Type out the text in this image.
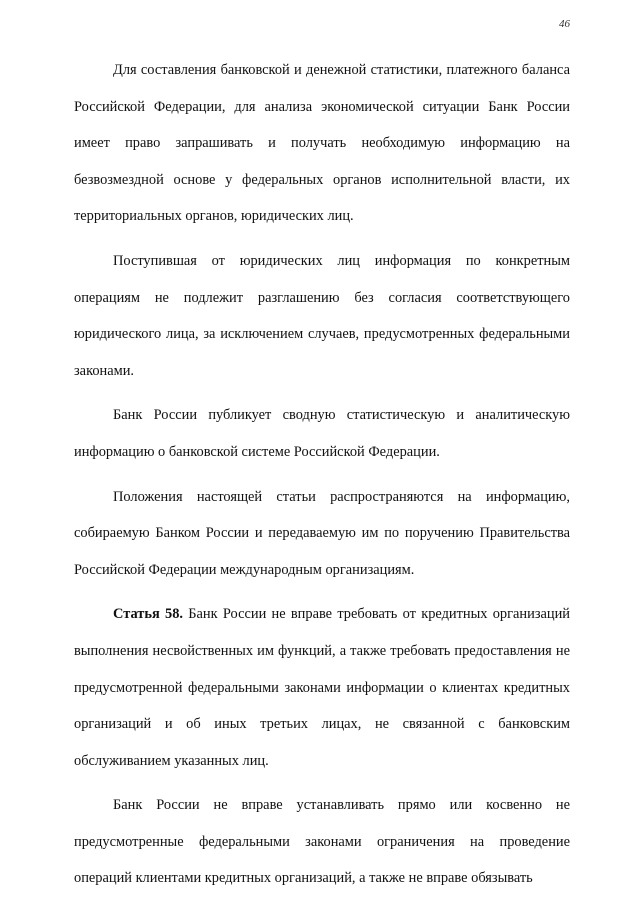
46

Для составления банковской и денежной статистики, платежного баланса Российской Федерации, для анализа экономической ситуации Банк России имеет право запрашивать и получать необходимую информацию на безвозмездной основе у федеральных органов исполнительной власти, их территориальных органов, юридических лиц.

Поступившая от юридических лиц информация по конкретным операциям не подлежит разглашению без согласия соответствующего юридического лица, за исключением случаев, предусмотренных федеральными законами.

Банк России публикует сводную статистическую и аналитическую информацию о банковской системе Российской Федерации.

Положения настоящей статьи распространяются на информацию, собираемую Банком России и передаваемую им по поручению Правительства Российской Федерации международным организациям.

Статья 58. Банк России не вправе требовать от кредитных организаций выполнения несвойственных им функций, а также требовать предоставления не предусмотренной федеральными законами информации о клиентах кредитных организаций и об иных третьих лицах, не связанной с банковским обслуживанием указанных лиц.

Банк России не вправе устанавливать прямо или косвенно не предусмотренные федеральными законами ограничения на проведение операций клиентами кредитных организаций, а также не вправе обязывать
